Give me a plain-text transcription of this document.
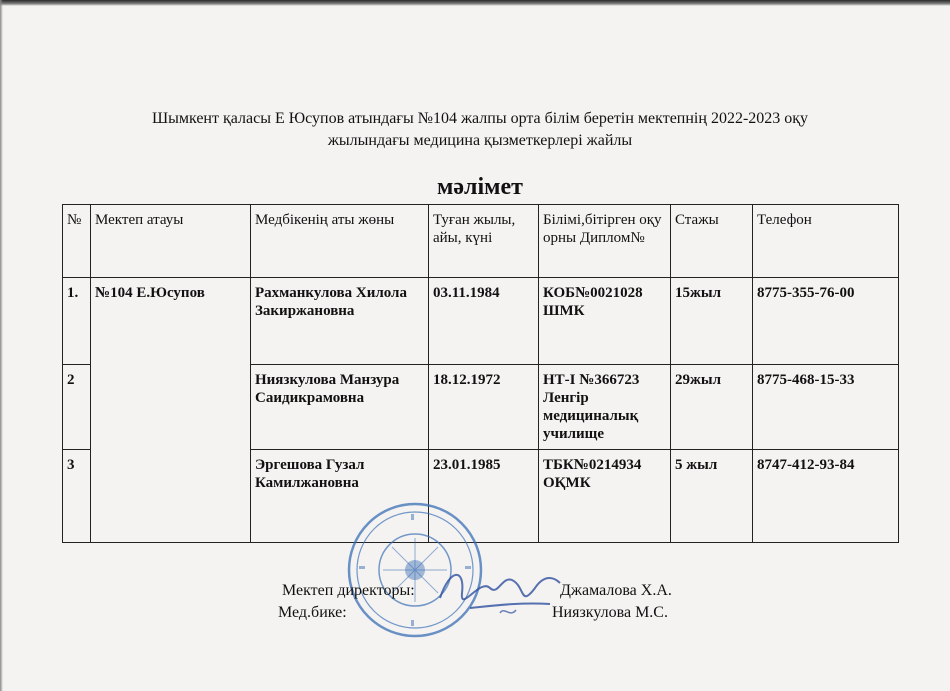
Шымкент қаласы Е Юсупов атындағы №104 жалпы орта білім беретін мектепнің 2022-2023 оқу
жылындағы медицина қызметкерлері жайлы
мәлімет
№	Мектеп атауы	Медбікенің аты жөны	Туған жылы, айы, күні	Білімі,бітірген оқу орны Диплом№	Стажы	Телефон
1.	№104 Е.Юсупов	Рахманкулова Хилола Закиржановна	03.11.1984	КОБ№0021028 ШМК	15жыл	8775-355-76-00
2		Ниязкулова Манзура Саидикрамовна	18.12.1972	НТ-I №366723 Ленгір медициналық училище	29жыл	8775-468-15-33
3		Эргешова Гузал Камилжановна	23.01.1985	ТБК№0214934 ОҚМК	5 жыл	8747-412-93-84
Мектеп директоры:	Джамалова Х.А.
Мед.бике:	Ниязкулова М.С.
